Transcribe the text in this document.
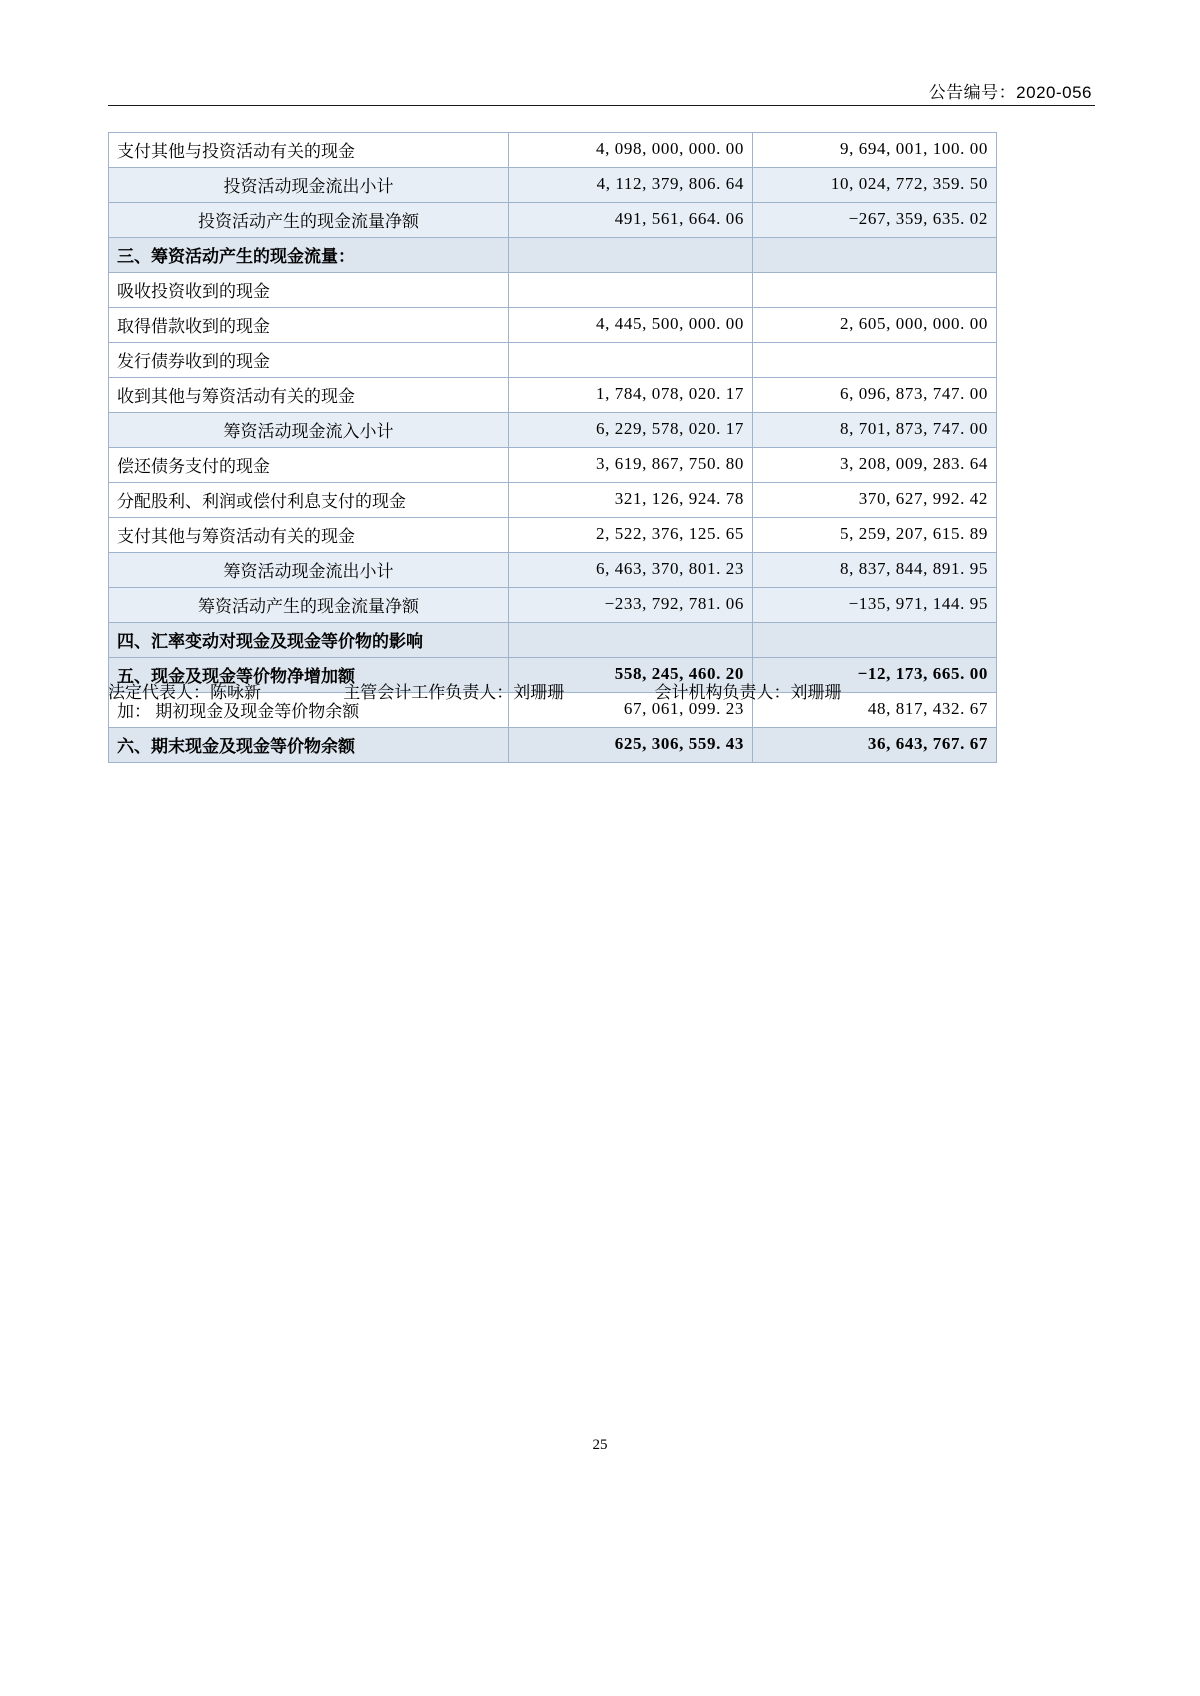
公告编号：2020-056
支付其他与投资活动有关的现金	4, 098, 000, 000. 00	9, 694, 001, 100. 00
投资活动现金流出小计	4, 112, 379, 806. 64	10, 024, 772, 359. 50
投资活动产生的现金流量净额	491, 561, 664. 06	−267, 359, 635. 02
三、筹资活动产生的现金流量：		
吸收投资收到的现金		
取得借款收到的现金	4, 445, 500, 000. 00	2, 605, 000, 000. 00
发行债券收到的现金		
收到其他与筹资活动有关的现金	1, 784, 078, 020. 17	6, 096, 873, 747. 00
筹资活动现金流入小计	6, 229, 578, 020. 17	8, 701, 873, 747. 00
偿还债务支付的现金	3, 619, 867, 750. 80	3, 208, 009, 283. 64
分配股利、利润或偿付利息支付的现金	321, 126, 924. 78	370, 627, 992. 42
支付其他与筹资活动有关的现金	2, 522, 376, 125. 65	5, 259, 207, 615. 89
筹资活动现金流出小计	6, 463, 370, 801. 23	8, 837, 844, 891. 95
筹资活动产生的现金流量净额	−233, 792, 781. 06	−135, 971, 144. 95
四、汇率变动对现金及现金等价物的影响		
五、现金及现金等价物净增加额	558, 245, 460. 20	−12, 173, 665. 00
加： 期初现金及现金等价物余额	67, 061, 099. 23	48, 817, 432. 67
六、期末现金及现金等价物余额	625, 306, 559. 43	36, 643, 767. 67
法定代表人：陈咏新	主管会计工作负责人：刘珊珊	会计机构负责人：刘珊珊
25
